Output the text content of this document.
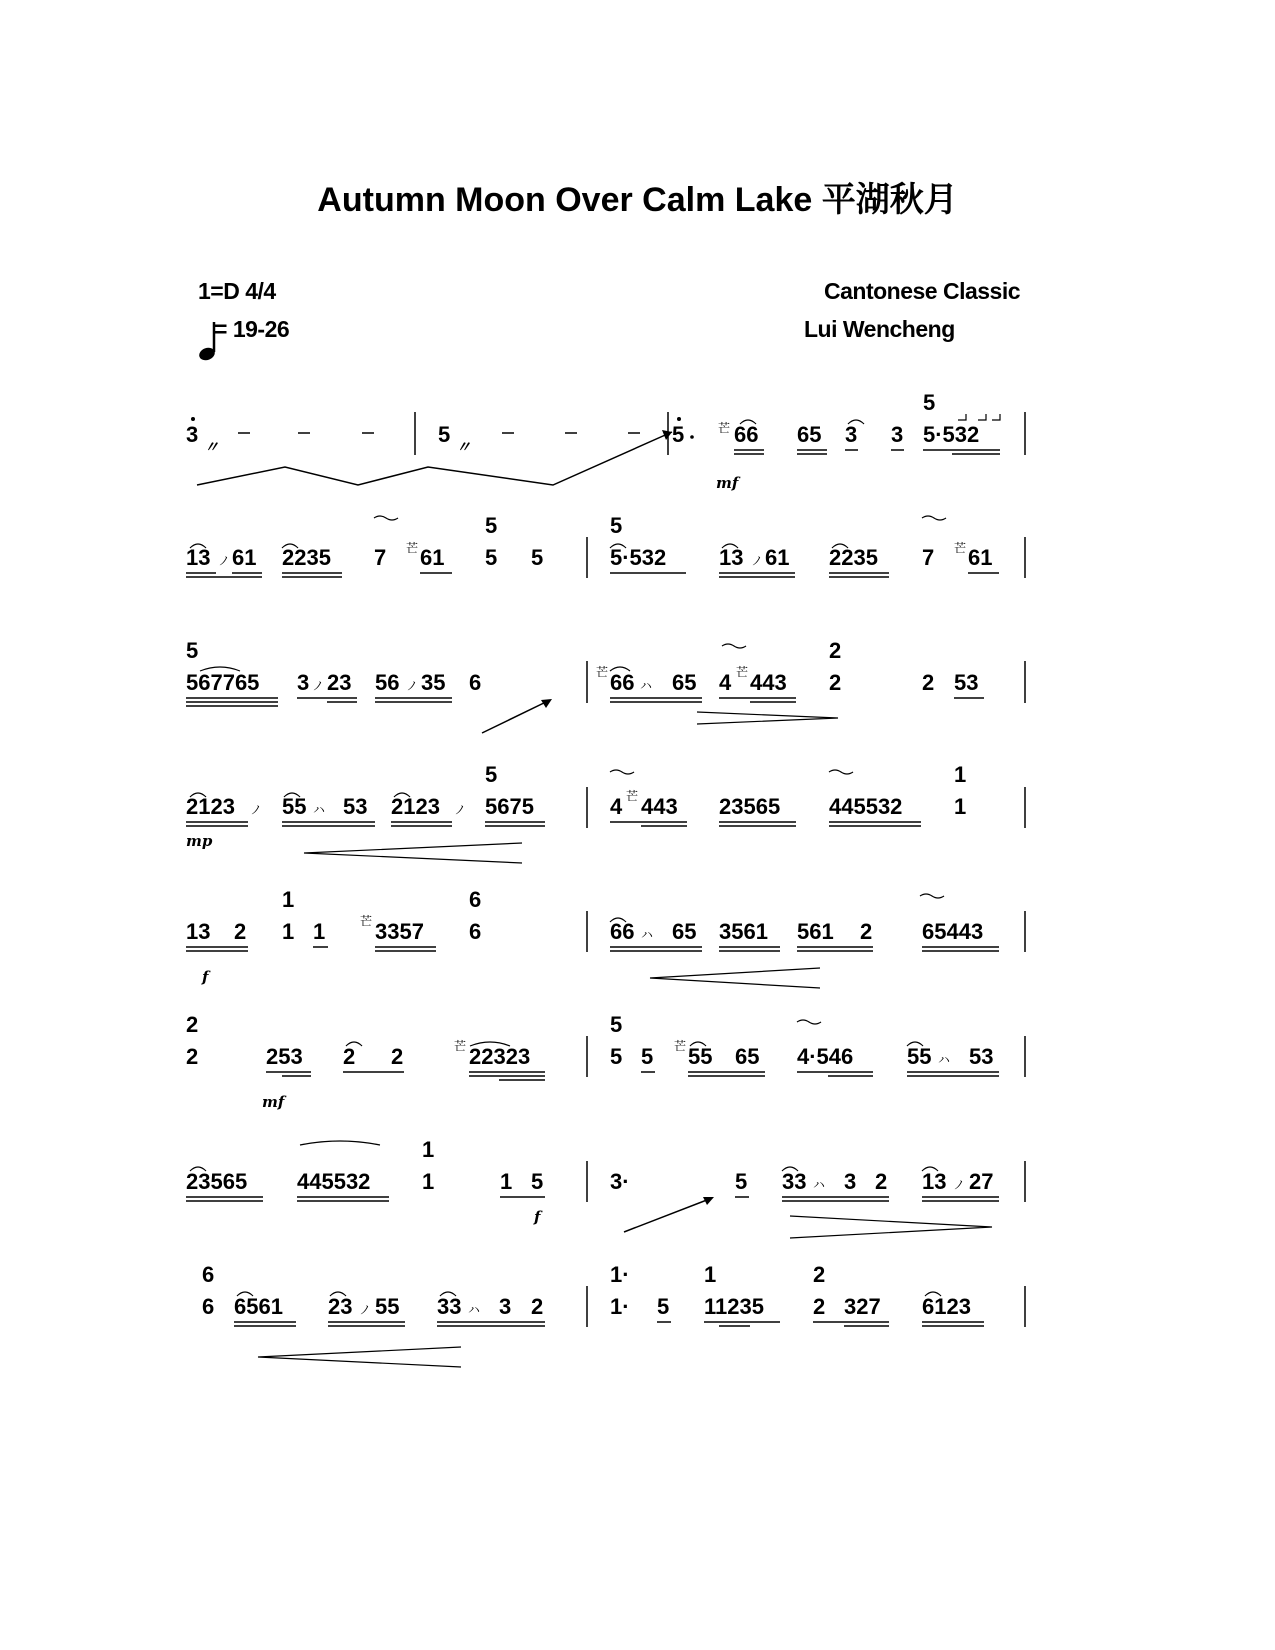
Autumn Moon Over Calm Lake 平湖秋月
1=D 4/4
= 19-26
Cantonese Classic
Lui Wencheng
3 〃	5 〃	5	芒 66 65 3 3
5
5·532
mf
13 ノ 61 2235 7 芒 61
5
5 5
5
5·532 13 ノ 61 2235 7 芒 61
5
567765 3 ノ 23 56 ノ 35 6	芒 66 ハ 65 4 芒 443
2
2	2 53
2123 ノ 55 ハ 53 2123 ノ
5
5675
mp
4 芒 443 23565 445532
1
1
13 2
1
1 1	芒 3357
6
6
f
66 ハ 65 3561 561 2 65443
2
2	253 2 2	芒 22323
mf
5
5 5 芒 55 65 4·546 55 ハ 53
23565 445532
1
1	1 5
f
3·	5 33 ハ 3 2 13 ノ 27
6
6 6561 23 ノ 55 33 ハ 3 2
1·
1· 5
1
11235
2
2 327 6123
